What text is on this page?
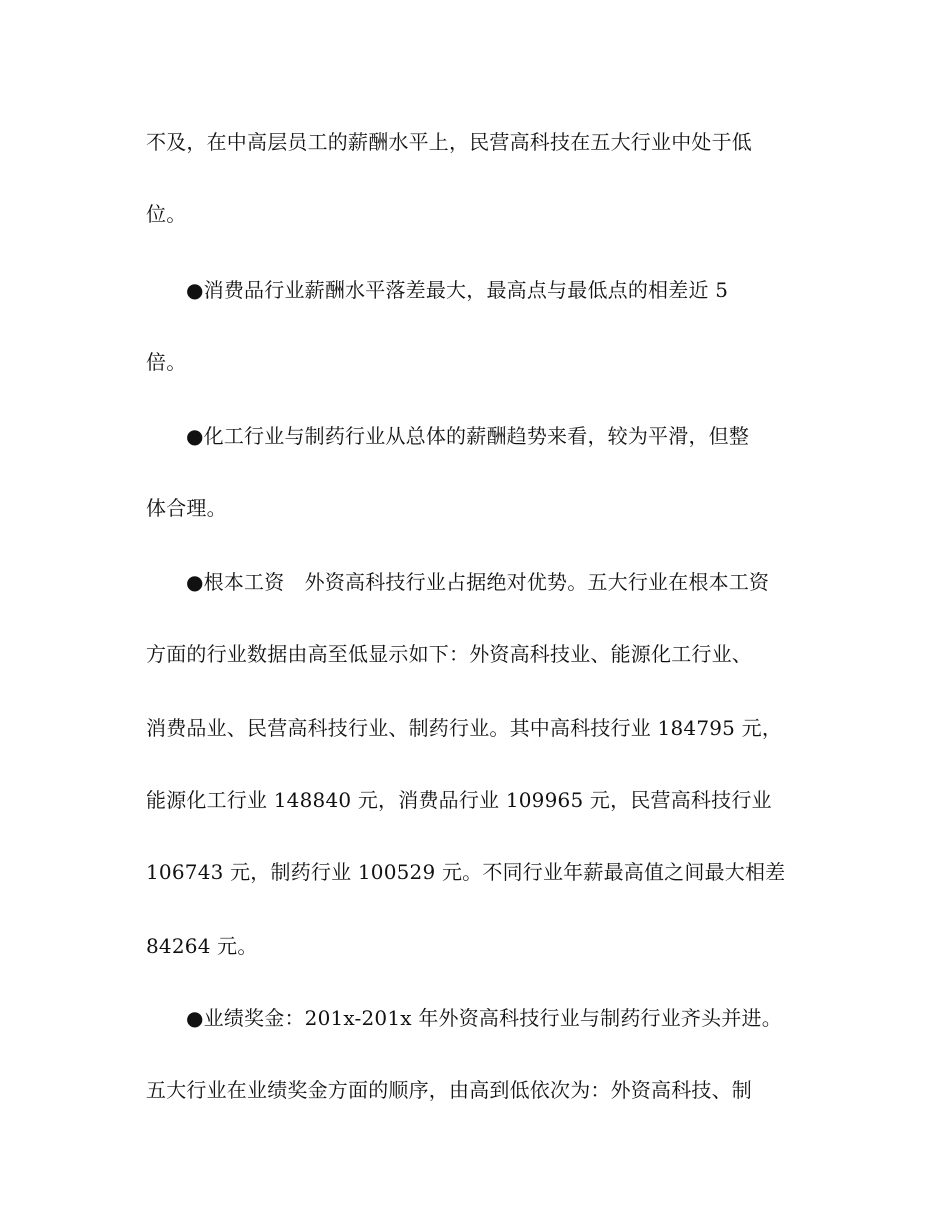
不及，在中高层员工的薪酬水平上，民营高科技在五大行业中处于低
位。
●消费品行业薪酬水平落差最大，最高点与最低点的相差近 5
倍。
●化工行业与制药行业从总体的薪酬趋势来看，较为平滑，但整
体合理。
●根本工资　外资高科技行业占据绝对优势。五大行业在根本工资
方面的行业数据由高至低显示如下：外资高科技业、能源化工行业、
消费品业、民营高科技行业、制药行业。其中高科技行业 184795 元，
能源化工行业 148840 元，消费品行业 109965 元，民营高科技行业
106743 元，制药行业 100529 元。不同行业年薪最高值之间最大相差
84264 元。
●业绩奖金：201x-201x 年外资高科技行业与制药行业齐头并进。
五大行业在业绩奖金方面的顺序，由高到低依次为：外资高科技、制
